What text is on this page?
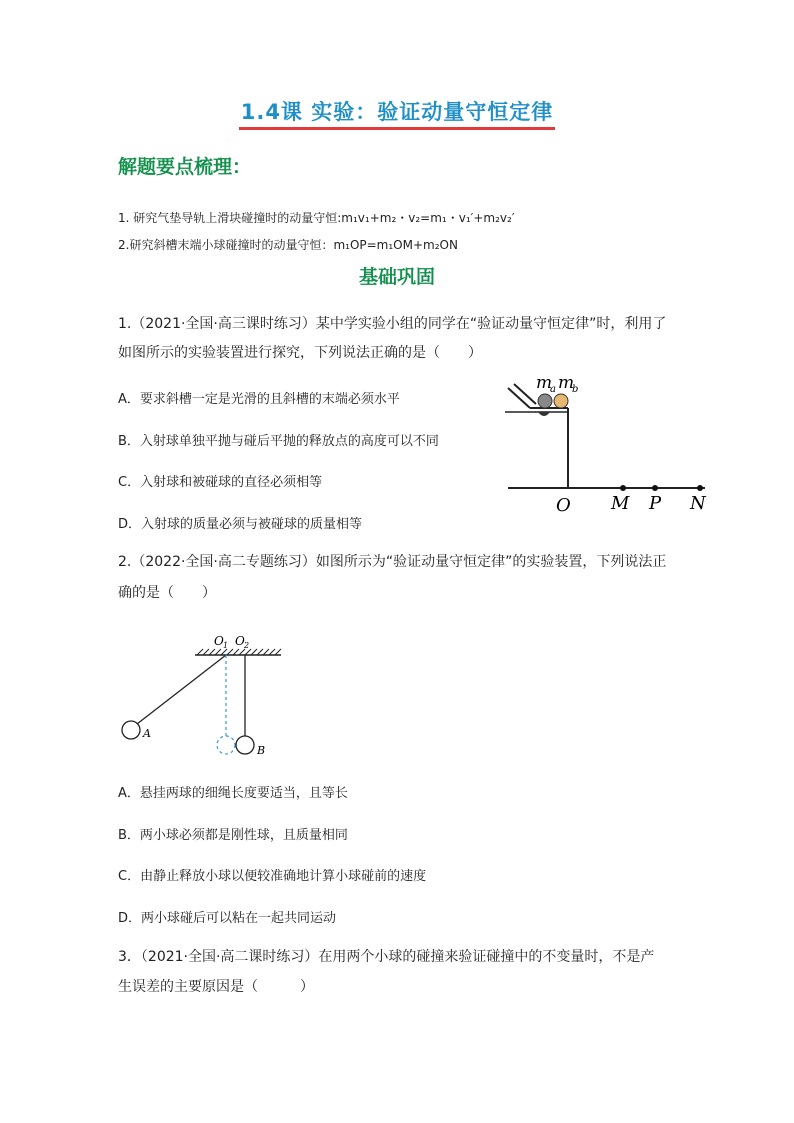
1.4课 实验：验证动量守恒定律
解题要点梳理：
1. 研究气垫导轨上滑块碰撞时的动量守恒:m₁v₁+m₂・v₂=m₁・v₁′+m₂v₂′
2.研究斜槽末端小球碰撞时的动量守恒：m₁OP=m₁OM+m₂ON
基础巩固
1.（2021·全国·高三课时练习）某中学实验小组的同学在“验证动量守恒定律”时，利用了
如图所示的实验装置进行探究，下列说法正确的是（　　）
A．要求斜槽一定是光滑的且斜槽的末端必须水平
B．入射球单独平抛与碰后平抛的释放点的高度可以不同
C．入射球和被碰球的直径必须相等
D．入射球的质量必须与被碰球的质量相等
m
a m
b
O M P N
2.（2022·全国·高二专题练习）如图所示为“验证动量守恒定律”的实验装置，下列说法正
确的是（　　）
O 1 O 2
A
B
A．悬挂两球的细绳长度要适当，且等长
B．两小球必须都是刚性球，且质量相同
C．由静止释放小球以便较准确地计算小球碰前的速度
D．两小球碰后可以粘在一起共同运动
3．（2021·全国·高二课时练习）在用两个小球的碰撞来验证碰撞中的不变量时，不是产
生误差的主要原因是（　　　）
